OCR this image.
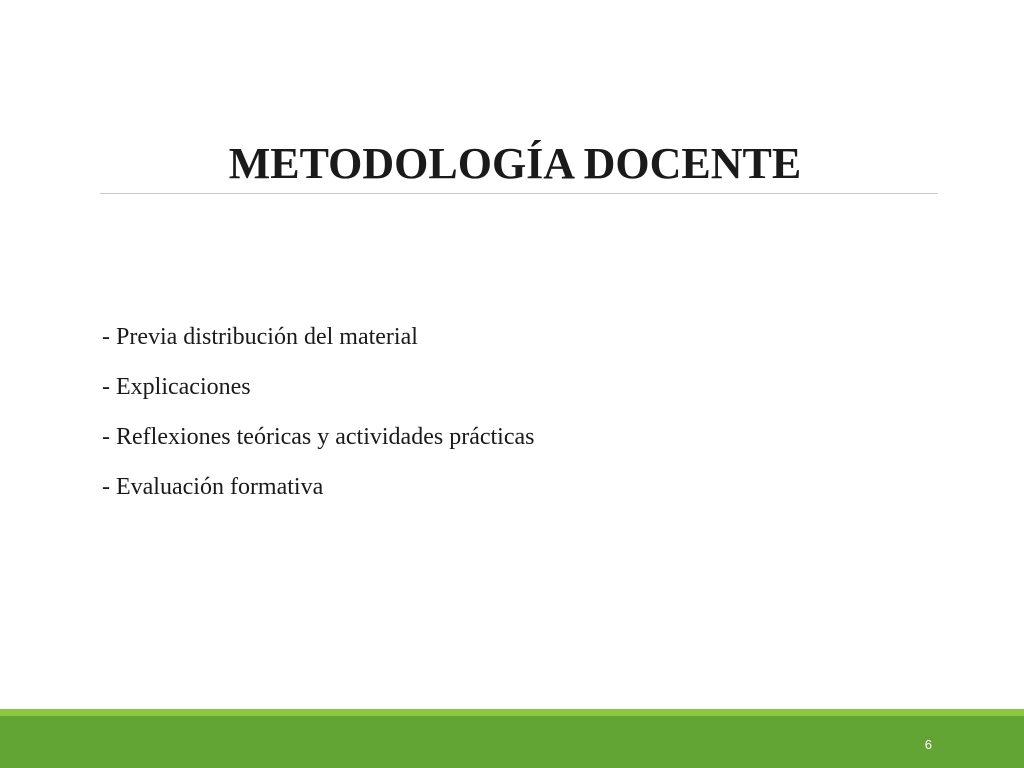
METODOLOGÍA DOCENTE
- Previa distribución del material
- Explicaciones
- Reflexiones teóricas y actividades prácticas
- Evaluación formativa
6
